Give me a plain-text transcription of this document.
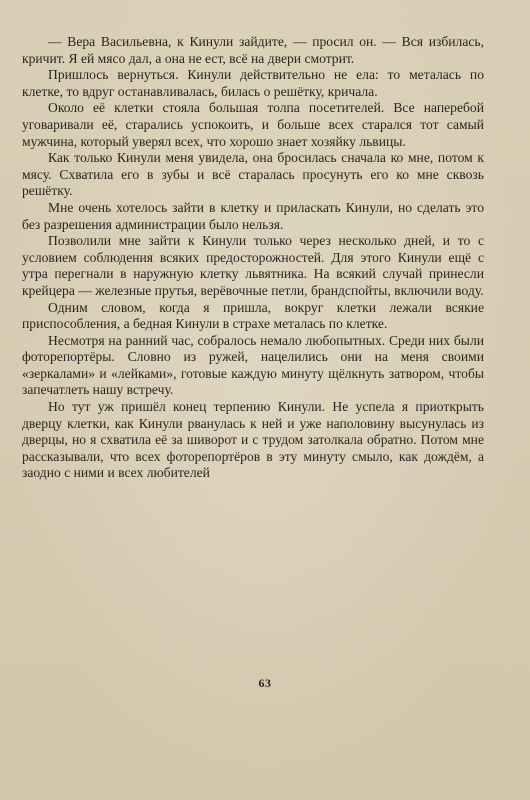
— Вера Васильевна, к Кинули зайдите, — просил он. — Вся избилась, кричит. Я ей мясо дал, а она не ест, всё на двери смотрит.

Пришлось вернуться. Кинули действительно не ела: то металась по клетке, то вдруг останавливалась, билась о решётку, кричала.

Около её клетки стояла большая толпа посетителей. Все наперебой уговаривали её, старались успокоить, и больше всех старался тот самый мужчина, который уверял всех, что хорошо знает хозяйку львицы.

Как только Кинули меня увидела, она бросилась сначала ко мне, потом к мясу. Схватила его в зубы и всё старалась просунуть его ко мне сквозь решётку.

Мне очень хотелось зайти в клетку и приласкать Кинули, но сделать это без разрешения администрации было нельзя.

Позволили мне зайти к Кинули только через несколько дней, и то с условием соблюдения всяких предосторожностей. Для этого Кинули ещё с утра перегнали в наружную клетку львятника. На всякий случай принесли крейцера — железные прутья, верёвочные петли, брандспойты, включили воду.

Одним словом, когда я пришла, вокруг клетки лежали всякие приспособления, а бедная Кинули в страхе металась по клетке.

Несмотря на ранний час, собралось немало любопытных. Среди них были фоторепортёры. Словно из ружей, нацелились они на меня своими «зеркалами» и «лейками», готовые каждую минуту щёлкнуть затвором, чтобы запечатлеть нашу встречу.

Но тут уж пришёл конец терпению Кинули. Не успела я приоткрыть дверцу клетки, как Кинули рванулась к ней и уже наполовину высунулась из дверцы, но я схватила её за шиворот и с трудом затолкала обратно. Потом мне рассказывали, что всех фоторепортёров в эту минуту смыло, как дождём, а заодно с ними и всех любителей

63
